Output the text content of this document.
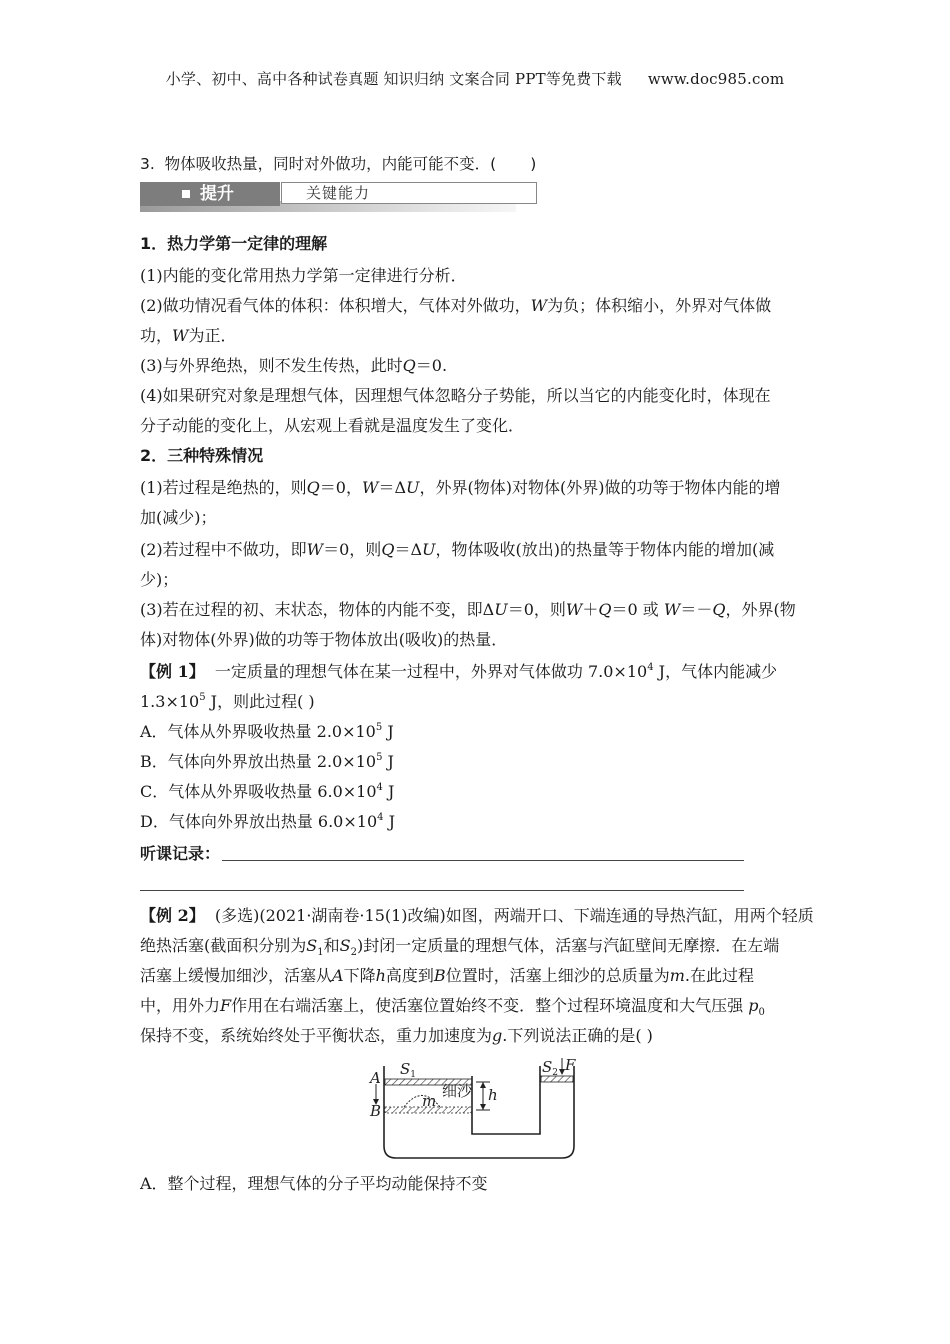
小学、初中、高中各种试卷真题 知识归纳 文案合同 PPT等免费下载 www.doc985.com
3. 物体吸收热量，同时对外做功，内能可能不变．( )
提升	关键能力
1．热力学第一定律的理解
(1)内能的变化常用热力学第一定律进行分析．
(2)做功情况看气体的体积：体积增大，气体对外做功，W为负；体积缩小，外界对气体做
功，W为正．
(3)与外界绝热，则不发生传热，此时Q＝0.
(4)如果研究对象是理想气体，因理想气体忽略分子势能，所以当它的内能变化时，体现在
分子动能的变化上，从宏观上看就是温度发生了变化．
2．三种特殊情况
(1)若过程是绝热的，则Q＝0，W＝ΔU，外界(物体)对物体(外界)做的功等于物体内能的增
加(减少)；
(2)若过程中不做功，即W＝0，则Q＝ΔU，物体吸收(放出)的热量等于物体内能的增加(减
少)；
(3)若在过程的初、末状态，物体的内能不变，即ΔU＝0，则W＋Q＝0 或 W＝－Q，外界(物
体)对物体(外界)做的功等于物体放出(吸收)的热量．
【例 1】 一定质量的理想气体在某一过程中，外界对气体做功 $7.0\times 10^4$ J，气体内能减少
$1.3\times 10^5$ J，则此过程( )
A．气体从外界吸收热量 $2.0\times 10^5$ J
B．气体向外界放出热量 $2.0\times 10^5$ J
C．气体从外界吸收热量 $6.0\times 10^4$ J
D．气体向外界放出热量 $6.0\times 10^4$ J
听课记录：
【例 2】 (多选)(2021·湖南卷·15(1)改编)如图，两端开口、下端连通的导热汽缸，用两个轻质
绝热活塞(截面积分别为$S_1$和$S_2$)封闭一定质量的理想气体，活塞与汽缸壁间无摩擦．在左端
活塞上缓慢加细沙，活塞从A下降h高度到B位置时，活塞上细沙的总质量为m.在此过程
中，用外力F作用在右端活塞上，使活塞位置始终不变．整个过程环境温度和大气压强 $p_0$
保持不变，系统始终处于平衡状态，重力加速度为g.下列说法正确的是( )
A
B
$S_1$	$S_2$ F
h
m
细沙
A．整个过程，理想气体的分子平均动能保持不变
